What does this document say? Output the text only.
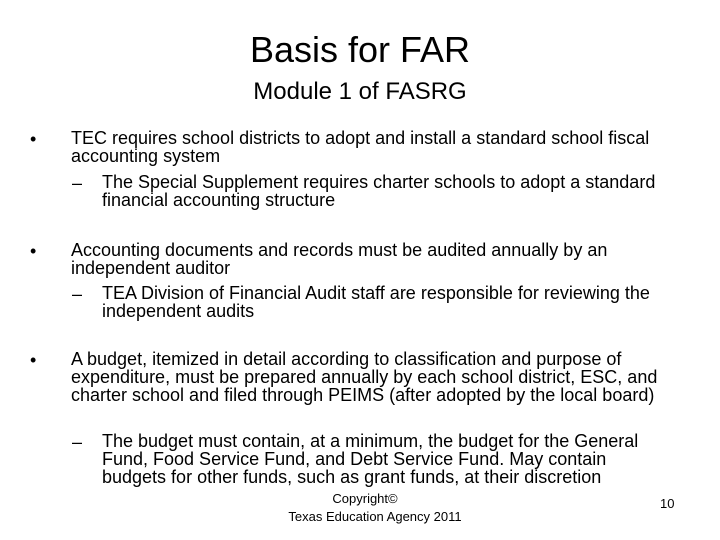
Basis for FAR
Module 1 of FASRG
• TEC requires school districts to adopt and install a standard school fiscal accounting system
– The Special Supplement requires charter schools to adopt a standard financial accounting structure
• Accounting documents and records must be audited annually by an independent auditor
– TEA Division of Financial Audit staff are responsible for reviewing the independent audits
• A budget, itemized in detail according to classification and purpose of expenditure, must be prepared annually by each school district, ESC, and charter school and filed through PEIMS (after adopted by the local board)
– The budget must contain, at a minimum, the budget for the General Fund, Food Service Fund, and Debt Service Fund. May contain budgets for other funds, such as grant funds, at their discretion
Copyright©
Texas Education Agency 2011
10
